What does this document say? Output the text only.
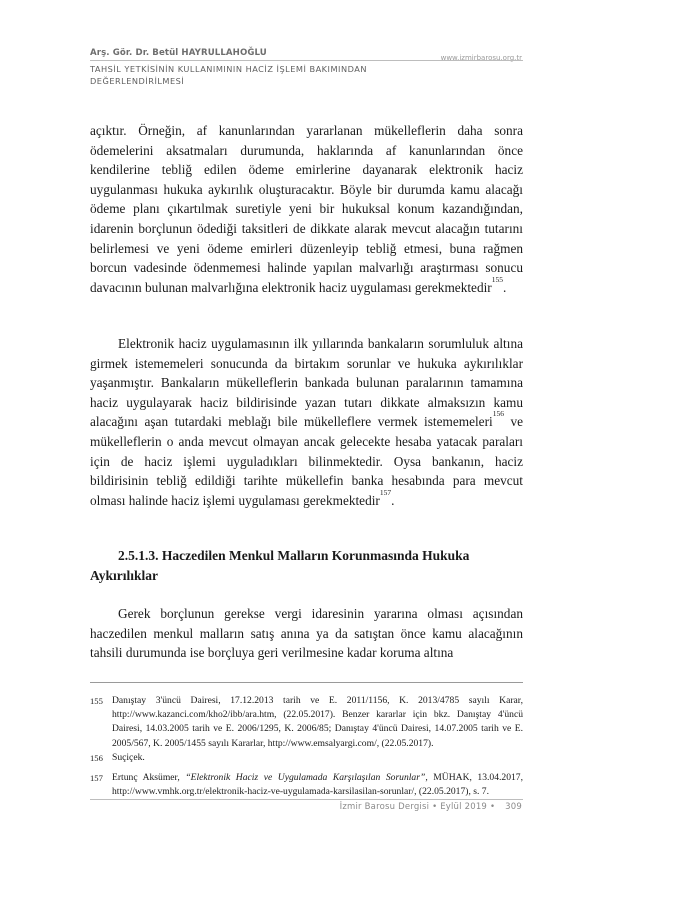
Arş. Gör. Dr. Betül HAYRULLAHOĞLU	www.izmirbarosu.org.tr
TAHSİL YETKİSİNİN KULLANIMININ HACİZ İŞLEMİ BAKIMINDAN
DEĞERLENDİRİLMESİ
açıktır. Örneğin, af kanunlarından yararlanan mükelleflerin daha sonra ödemelerini aksatmaları durumunda, haklarında af kanunlarından önce kendilerine tebliğ edilen ödeme emirlerine dayanarak elektronik haciz uygulanması hukuka aykırılık oluşturacaktır. Böyle bir durumda kamu alacağı ödeme planı çıkartılmak suretiyle yeni bir hukuksal konum kazandığından, idarenin borçlunun ödediği taksitleri de dikkate alarak mevcut alacağın tutarını belirlemesi ve yeni ödeme emirleri düzenleyip tebliğ etmesi, buna rağmen borcun vadesinde ödenmemesi halinde yapılan malvarlığı araştırması sonucu davacının bulunan malvarlığına elektronik haciz uygulaması gerekmektedir$^{155}$.
Elektronik haciz uygulamasının ilk yıllarında bankaların sorumluluk altına girmek istememeleri sonucunda da birtakım sorunlar ve hukuka aykırılıklar yaşanmıştır. Bankaların mükelleflerin bankada bulunan paralarının tamamına haciz uygulayarak haciz bildirisinde yazan tutarı dikkate almaksızın kamu alacağını aşan tutardaki meblağı bile mükelleflere vermek istememeleri$^{156}$ ve mükelleflerin o anda mevcut olmayan ancak gelecekte hesaba yatacak paraları için de haciz işlemi uyguladıkları bilinmektedir. Oysa bankanın, haciz bildirisinin tebliğ edildiği tarihte mükellefin banka hesabında para mevcut olması halinde haciz işlemi uygulaması gerekmektedir$^{157}$.
2.5.1.3. Haczedilen Menkul Malların Korunmasında Hukuka Aykırılıklar
Gerek borçlunun gerekse vergi idaresinin yararına olması açısından haczedilen menkul malların satış anına ya da satıştan önce kamu alacağının tahsili durumunda ise borçluya geri verilmesine kadar koruma altına
155 Danıştay 3'üncü Dairesi, 17.12.2013 tarih ve E. 2011/1156, K. 2013/4785 sayılı Karar, http://www.kazanci.com/kho2/ibb/ara.htm, (22.05.2017). Benzer kararlar için bkz. Danıştay 4'üncü Dairesi, 14.03.2005 tarih ve E. 2006/1295, K. 2006/85; Danıştay 4'üncü Dairesi, 14.07.2005 tarih ve E. 2005/567, K. 2005/1455 sayılı Kararlar, http://www.emsalyargi.com/, (22.05.2017).
156 Suçiçek.
157 Ertunç Aksümer, “Elektronik Haciz ve Uygulamada Karşılaşılan Sorunlar”, MÜHAK, 13.04.2017, http://www.vmhk.org.tr/elektronik-haciz-ve-uygulamada-karsilasilan-sorunlar/, (22.05.2017), s. 7.
İzmir Barosu Dergisi • Eylül 2019 • 309
